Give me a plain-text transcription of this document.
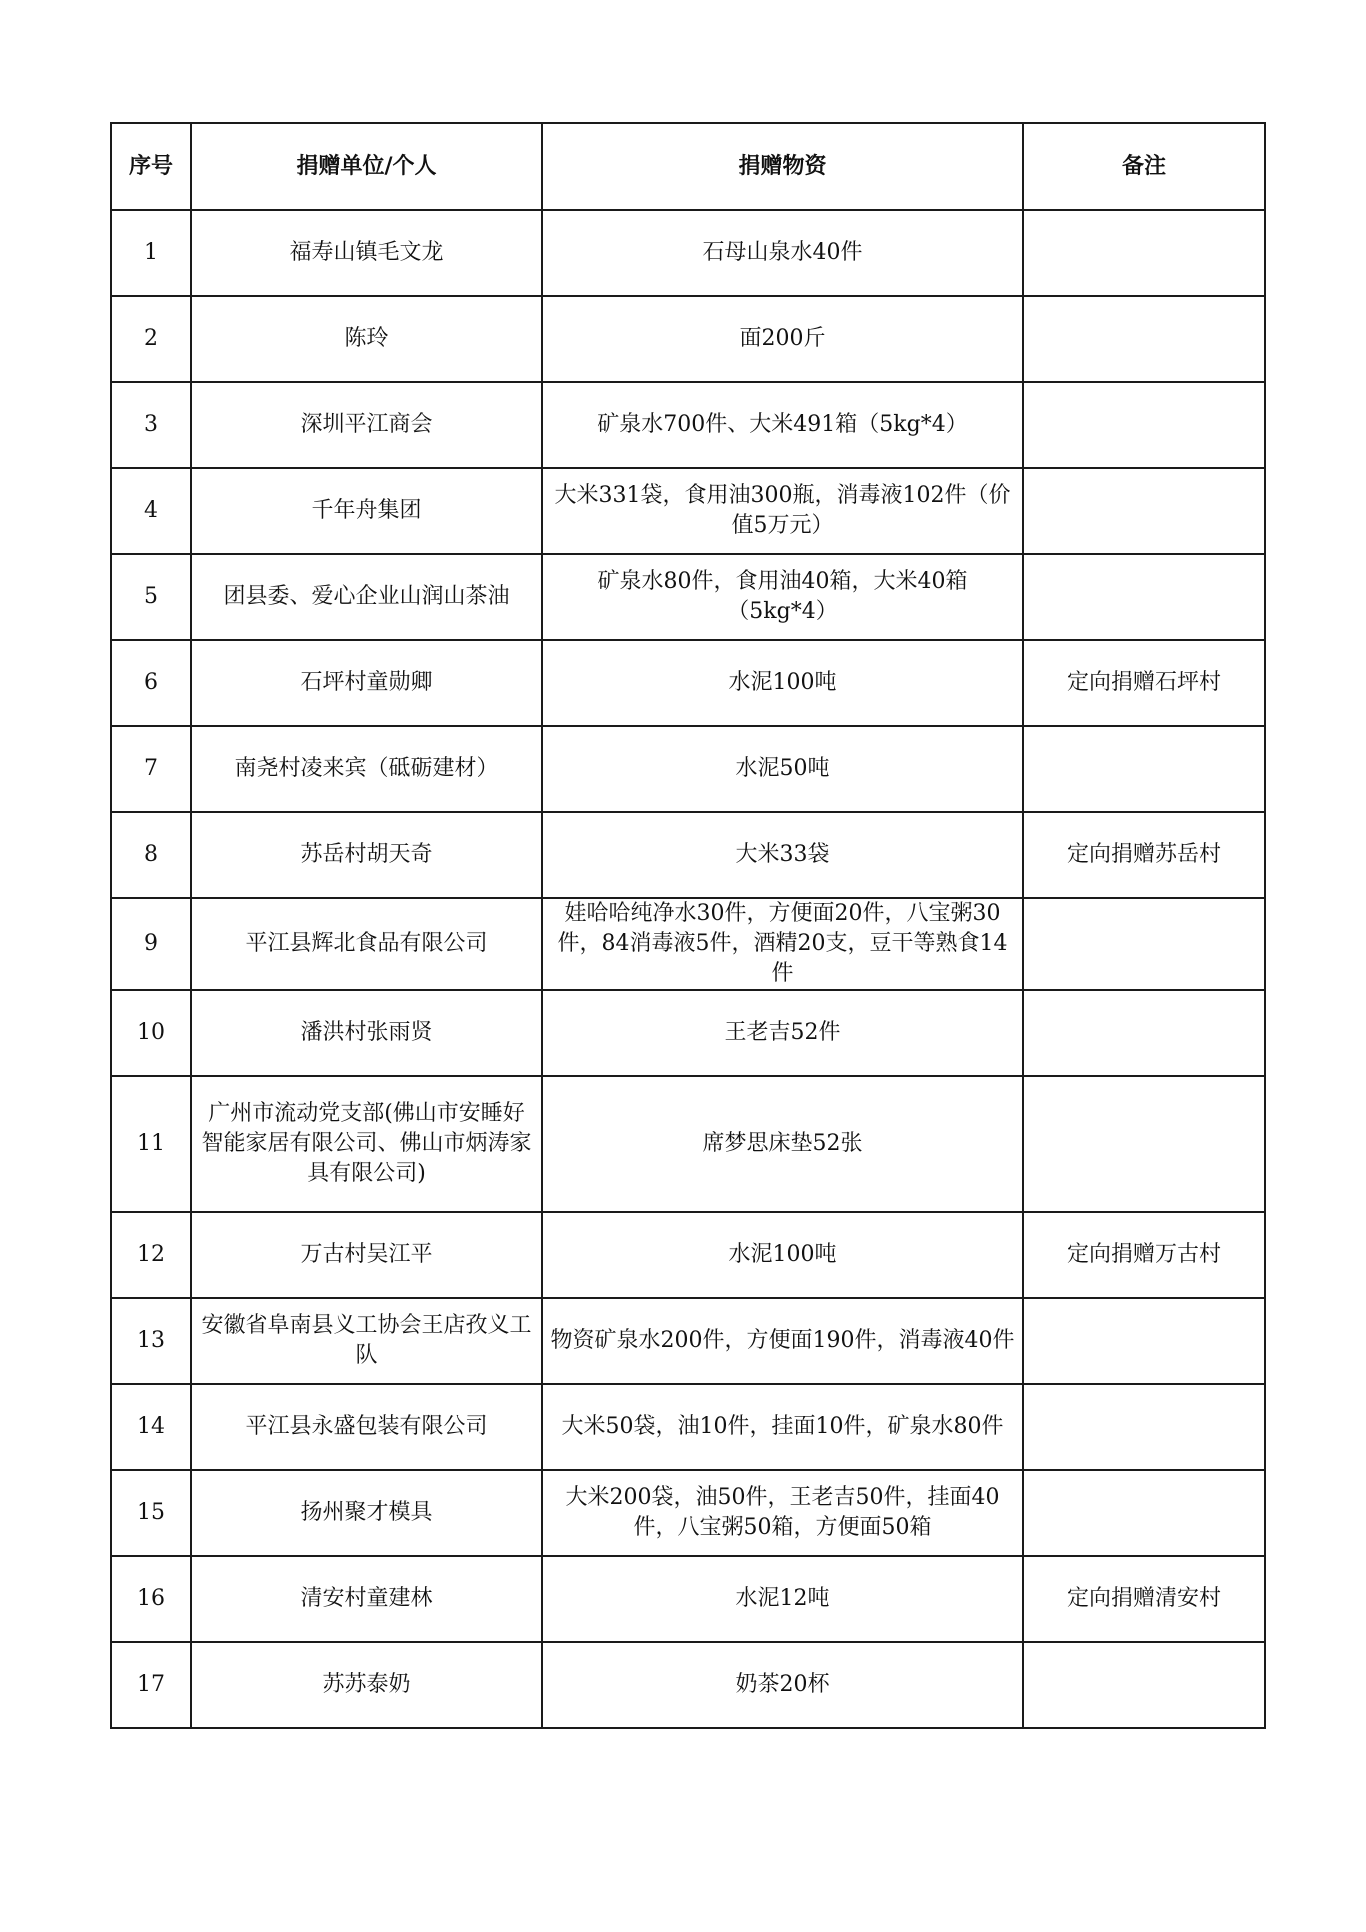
序号	捐赠单位/个人	捐赠物资	备注
1	福寿山镇毛文龙	石母山泉水40件	
2	陈玲	面200斤	
3	深圳平江商会	矿泉水700件、大米491箱（5kg*4）	
4	千年舟集团	大米331袋，食用油300瓶，消毒液102件（价值5万元）	
5	团县委、爱心企业山润山茶油	矿泉水80件，食用油40箱，大米40箱（5kg*4）	
6	石坪村童勋卿	水泥100吨	定向捐赠石坪村
7	南尧村凌来宾（砥砺建材）	水泥50吨	
8	苏岳村胡天奇	大米33袋	定向捐赠苏岳村
9	平江县辉北食品有限公司	娃哈哈纯净水30件，方便面20件，八宝粥30件，84消毒液5件，酒精20支，豆干等熟食14件	
10	潘洪村张雨贤	王老吉52件	
11	广州市流动党支部(佛山市安睡好智能家居有限公司、佛山市炳涛家具有限公司)	席梦思床垫52张	
12	万古村吴江平	水泥100吨	定向捐赠万古村
13	安徽省阜南县义工协会王店孜义工队	物资矿泉水200件，方便面190件，消毒液40件	
14	平江县永盛包装有限公司	大米50袋，油10件，挂面10件，矿泉水80件	
15	扬州聚才模具	大米200袋，油50件，王老吉50件，挂面40件，八宝粥50箱，方便面50箱	
16	清安村童建林	水泥12吨	定向捐赠清安村
17	苏苏泰奶	奶茶20杯	
